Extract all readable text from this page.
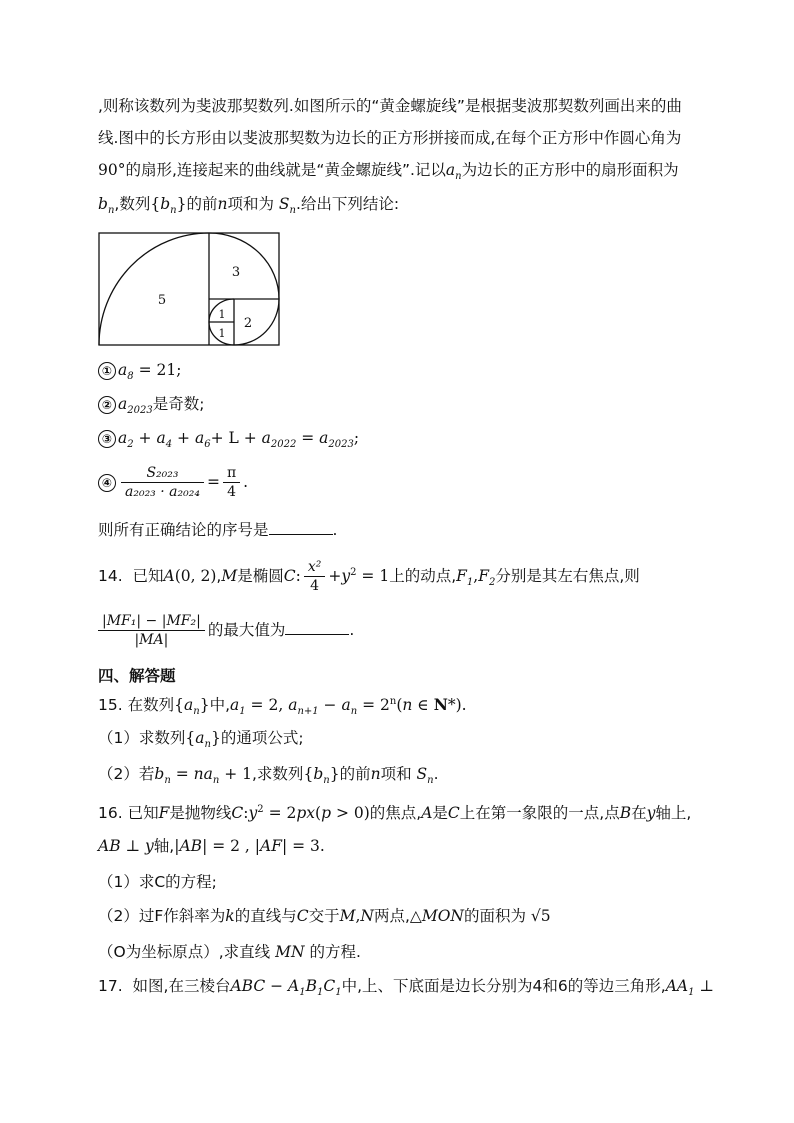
,则称该数列为斐波那契数列.如图所示的“黄金螺旋线”是根据斐波那契数列画出来的曲
线.图中的长方形由以斐波那契数为边长的正方形拼接而成,在每个正方形中作圆心角为
90°的扇形,连接起来的曲线就是“黄金螺旋线”.记以$a_n$为边长的正方形中的扇形面积为
$b_n$,数列$\{b_n\}$的前n项和为 $S_n$.给出下列结论:
5
3
2
1
1
① $a_8 = 21$;
② $a_{2023}$是奇数;
③ $a_2 + a_4 + a_6+ L + a_{2022} = a_{2023}$;
④ $\frac{\text{S₂₀₂₃}}{\text{a₂₀₂₃ · a₂₀₂₄}} = \frac{\pi}{4}$ .
则所有正确结论的序号是	.
14. 已知A(0, 2),M是椭圆C: $\frac{\text{x²}}{4} +y^2 = 1$上的动点$,F_1,F_2$分别是其左右焦点,则
$\frac{\text{|MF₁| − |MF₂|}}{|MA|}$ 的最大值为	.
四、解答题
15. 在数列$\{a_n\}$中$,a_1 = 2$, $a_{n+1} - a_n = 2^n(n$ ∈ N*).
（1）求数列$\{a_n\}$的通项公式;
（2）若$b_n = na_n + 1$,求数列$\{b_n\}$的前n项和 $S_n$.
16. 已知F是抛物线$C:y^2 = 2px(p > 0)$的焦点,A是C上在第一象限的一点,点B在y轴上,
AB ⊥ y轴,|AB| = 2 , |AF| = 3.
（1）求C的方程;
（2）过F作斜率为k的直线与C交于M,N两点,△MON的面积为 √5
（O为坐标原点）,求直线 MN 的方程.
17. 如图,在三棱台ABC − $A_1B_1C_1$中,上、下底面是边长分别为4和6的等边三角形$,AA_1$ ⊥
